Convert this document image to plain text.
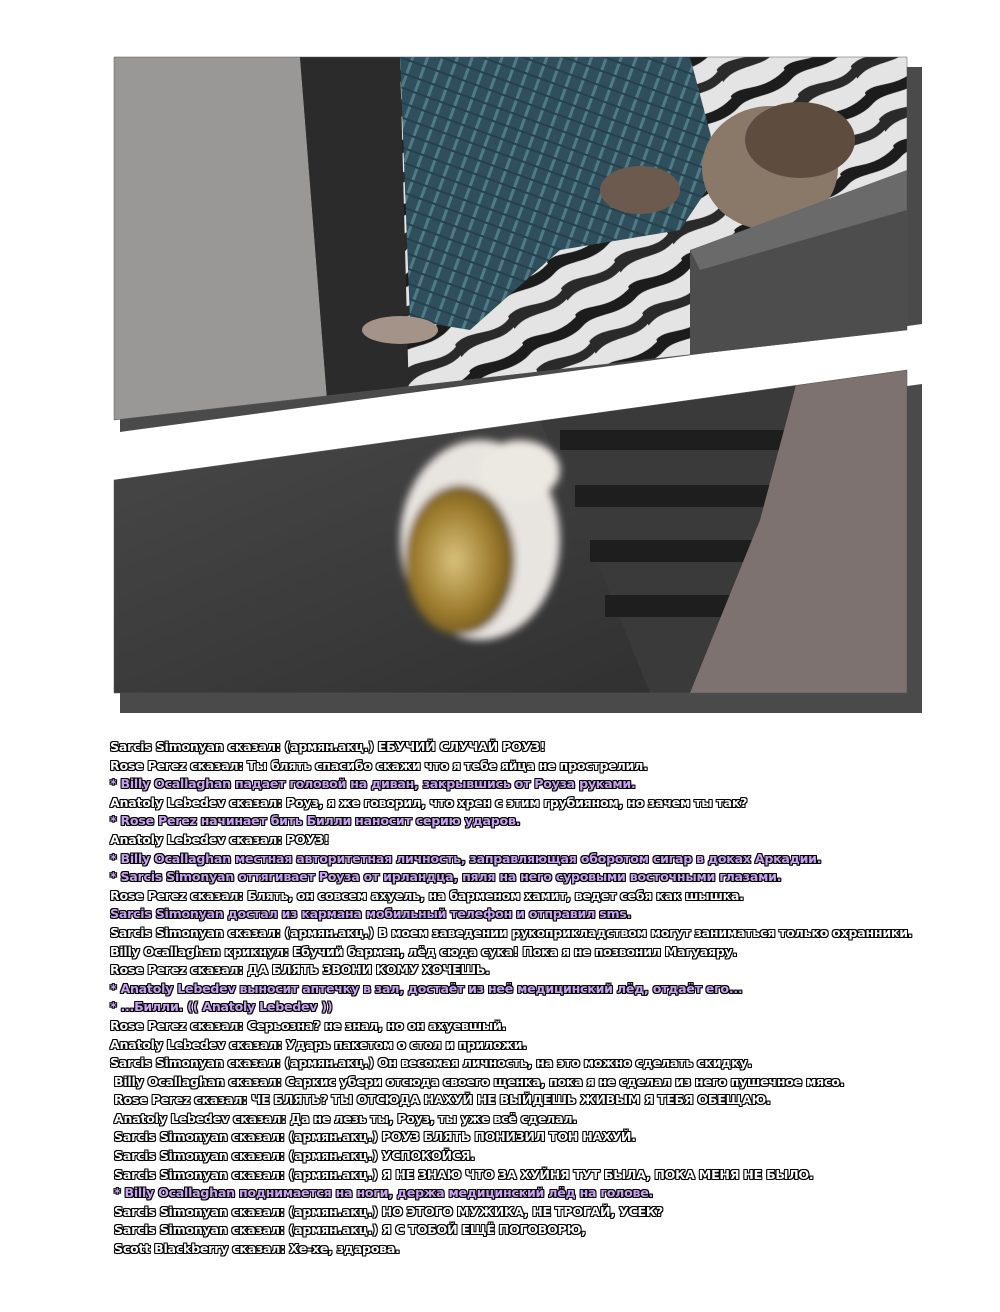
Sarcis Simonyan сказал: (армян.акц.) ЕБУЧИЙ СЛУЧАЙ РОУЗ!
Rose Perez сказал: Ты блять спасибо скажи что я тебе яйца не прострелил.
* Billy Ocallaghan падает головой на диван, закрывшись от Роуза руками.
Anatoly Lebedev сказал: Роуз, я же говорил, что хрен с этим грубияном, но зачем ты так?
* Rose Perez начинает бить Билли наносит серию ударов.
Anatoly Lebedev сказал: РОУЗ!
* Billy Ocallaghan местная авторитетная личность, заправляющая оборотом сигар в доках Аркадии.
* Sarcis Simonyan оттягивает Роуза от ирландца, пяля на него суровыми восточными глазами.
Rose Perez сказал: Блять, он совсем ахуель, на барменом хамит, ведет себя как шышка.
Sarcis Simonyan достал из кармана мобильный телефон и отправил sms.
Sarcis Simonyan сказал: (армян.акц.) В моем заведении рукоприкладством могут заниматься только охранники.
Billy Ocallaghan крикнул: Ебучий бармен, лёд сюда сука! Пока я не позвонил Магуаяру.
Rose Perez сказал: ДА БЛЯТЬ ЗВОНИ КОМУ ХОЧЕШЬ.
* Anatoly Lebedev выносит аптечку в зал, достаёт из неё медицинский лёд, отдаёт его...
* ...Билли. (( Anatoly Lebedev ))
Rose Perez сказал: Серьозна? не знал, но он ахуевшый.
Anatoly Lebedev сказал: Ударь пакетом о стол и приложи.
Sarcis Simonyan сказал: (армян.акц.) Он весомая личность, на это можно сделать скидку.
Billy Ocallaghan сказал: Саркис убери отсюда своего щенка, пока я не сделал из него пушечное мясо.
Rose Perez сказал: ЧЕ БЛЯТЬ? ТЫ ОТСЮДА НАХУЙ НЕ ВЫЙДЕШЬ ЖИВЫМ Я ТЕБЯ ОБЕЩАЮ.
Anatoly Lebedev сказал: Да не лезь ты, Роуз, ты уже всё сделал.
Sarcis Simonyan сказал: (армян.акц.) РОУЗ БЛЯТЬ ПОНИЗИЛ ТОН НАХУЙ.
Sarcis Simonyan сказал: (армян.акц.) УСПОКОЙСЯ.
Sarcis Simonyan сказал: (армян.акц.) Я НЕ ЗНАЮ ЧТО ЗА ХУЙНЯ ТУТ БЫЛА, ПОКА МЕНЯ НЕ БЫЛО.
* Billy Ocallaghan поднимается на ноги, держа медицинский лёд на голове.
Sarcis Simonyan сказал: (армян.акц.) НО ЭТОГО МУЖИКА, НЕ ТРОГАЙ, УСЕК?
Sarcis Simonyan сказал: (армян.акц.) Я С ТОБОЙ ЕЩЁ ПОГОВОРЮ,
Scott Blackberry сказал: Хе-хе, здарова.
